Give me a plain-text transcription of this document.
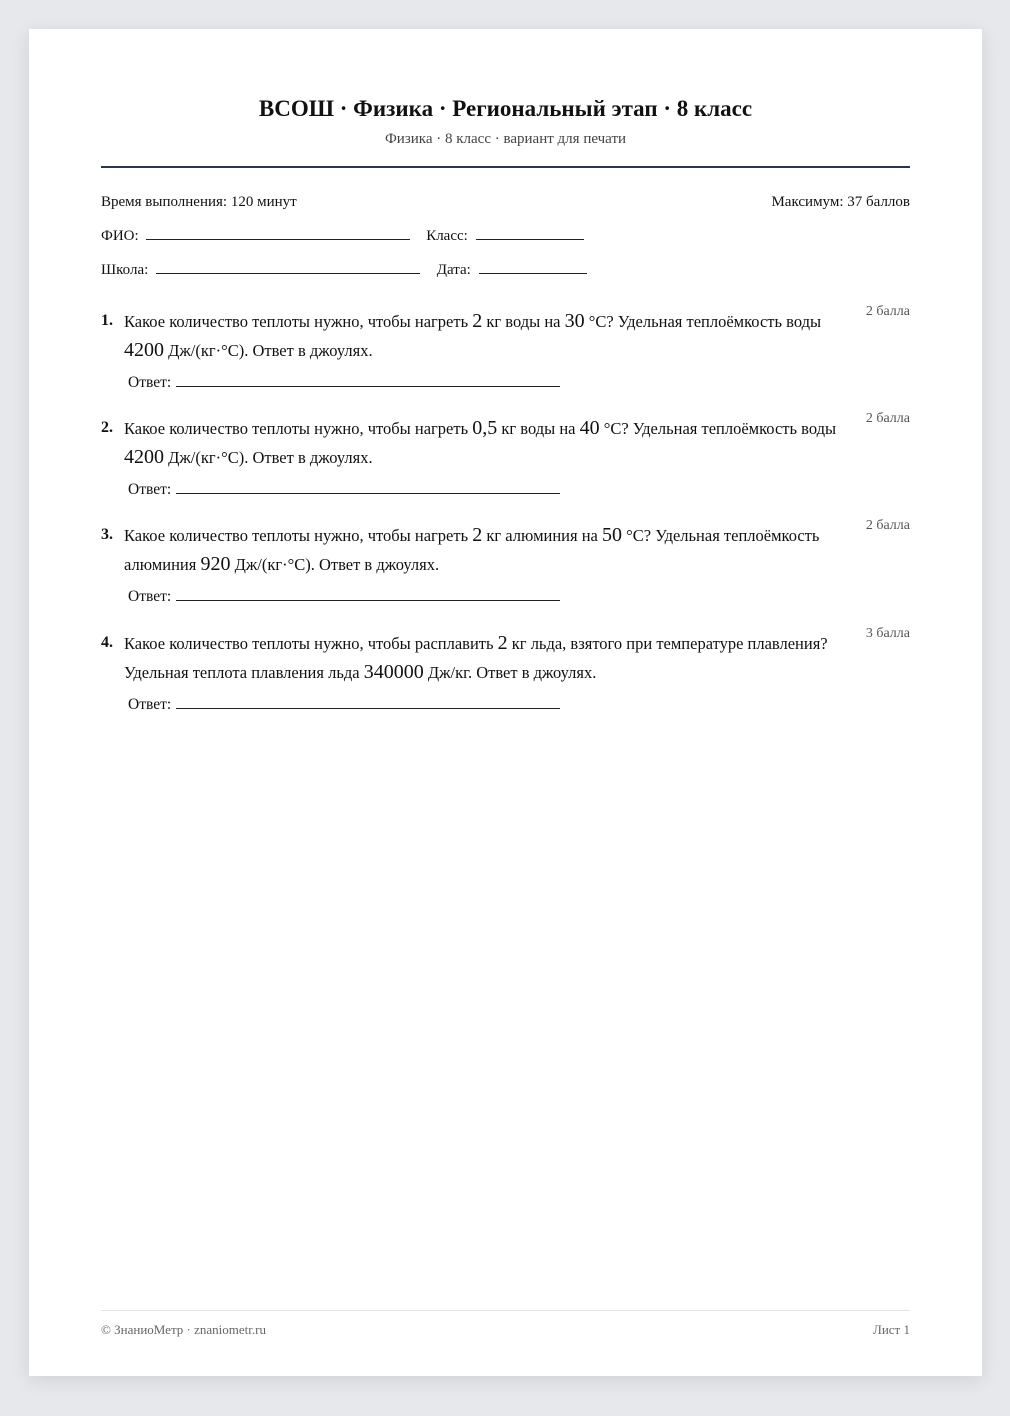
ВСОШ · Физика · Региональный этап · 8 класс
Физика · 8 класс · вариант для печати
Время выполнения: 120 минут	Максимум: 37 баллов
ФИО:	Класс:
Школа:	Дата:
1.
2 балла
Какое количество теплоты нужно, чтобы нагреть 2 кг воды на 30 °C? Удельная теплоёмкость воды 4200 Дж/(кг·°C). Ответ в джоулях.
Ответ:
2.
2 балла
Какое количество теплоты нужно, чтобы нагреть 0,5 кг воды на 40 °C? Удельная теплоёмкость воды 4200 Дж/(кг·°C). Ответ в джоулях.
Ответ:
3.
2 балла
Какое количество теплоты нужно, чтобы нагреть 2 кг алюминия на 50 °C? Удельная теплоёмкость алюминия 920 Дж/(кг·°C). Ответ в джоулях.
Ответ:
4.
3 балла
Какое количество теплоты нужно, чтобы расплавить 2 кг льда, взятого при температуре плавления? Удельная теплота плавления льда 340000 Дж/кг. Ответ в джоулях.
Ответ:
© ЗнаниоМетр · znaniometr.ru	Лист 1
